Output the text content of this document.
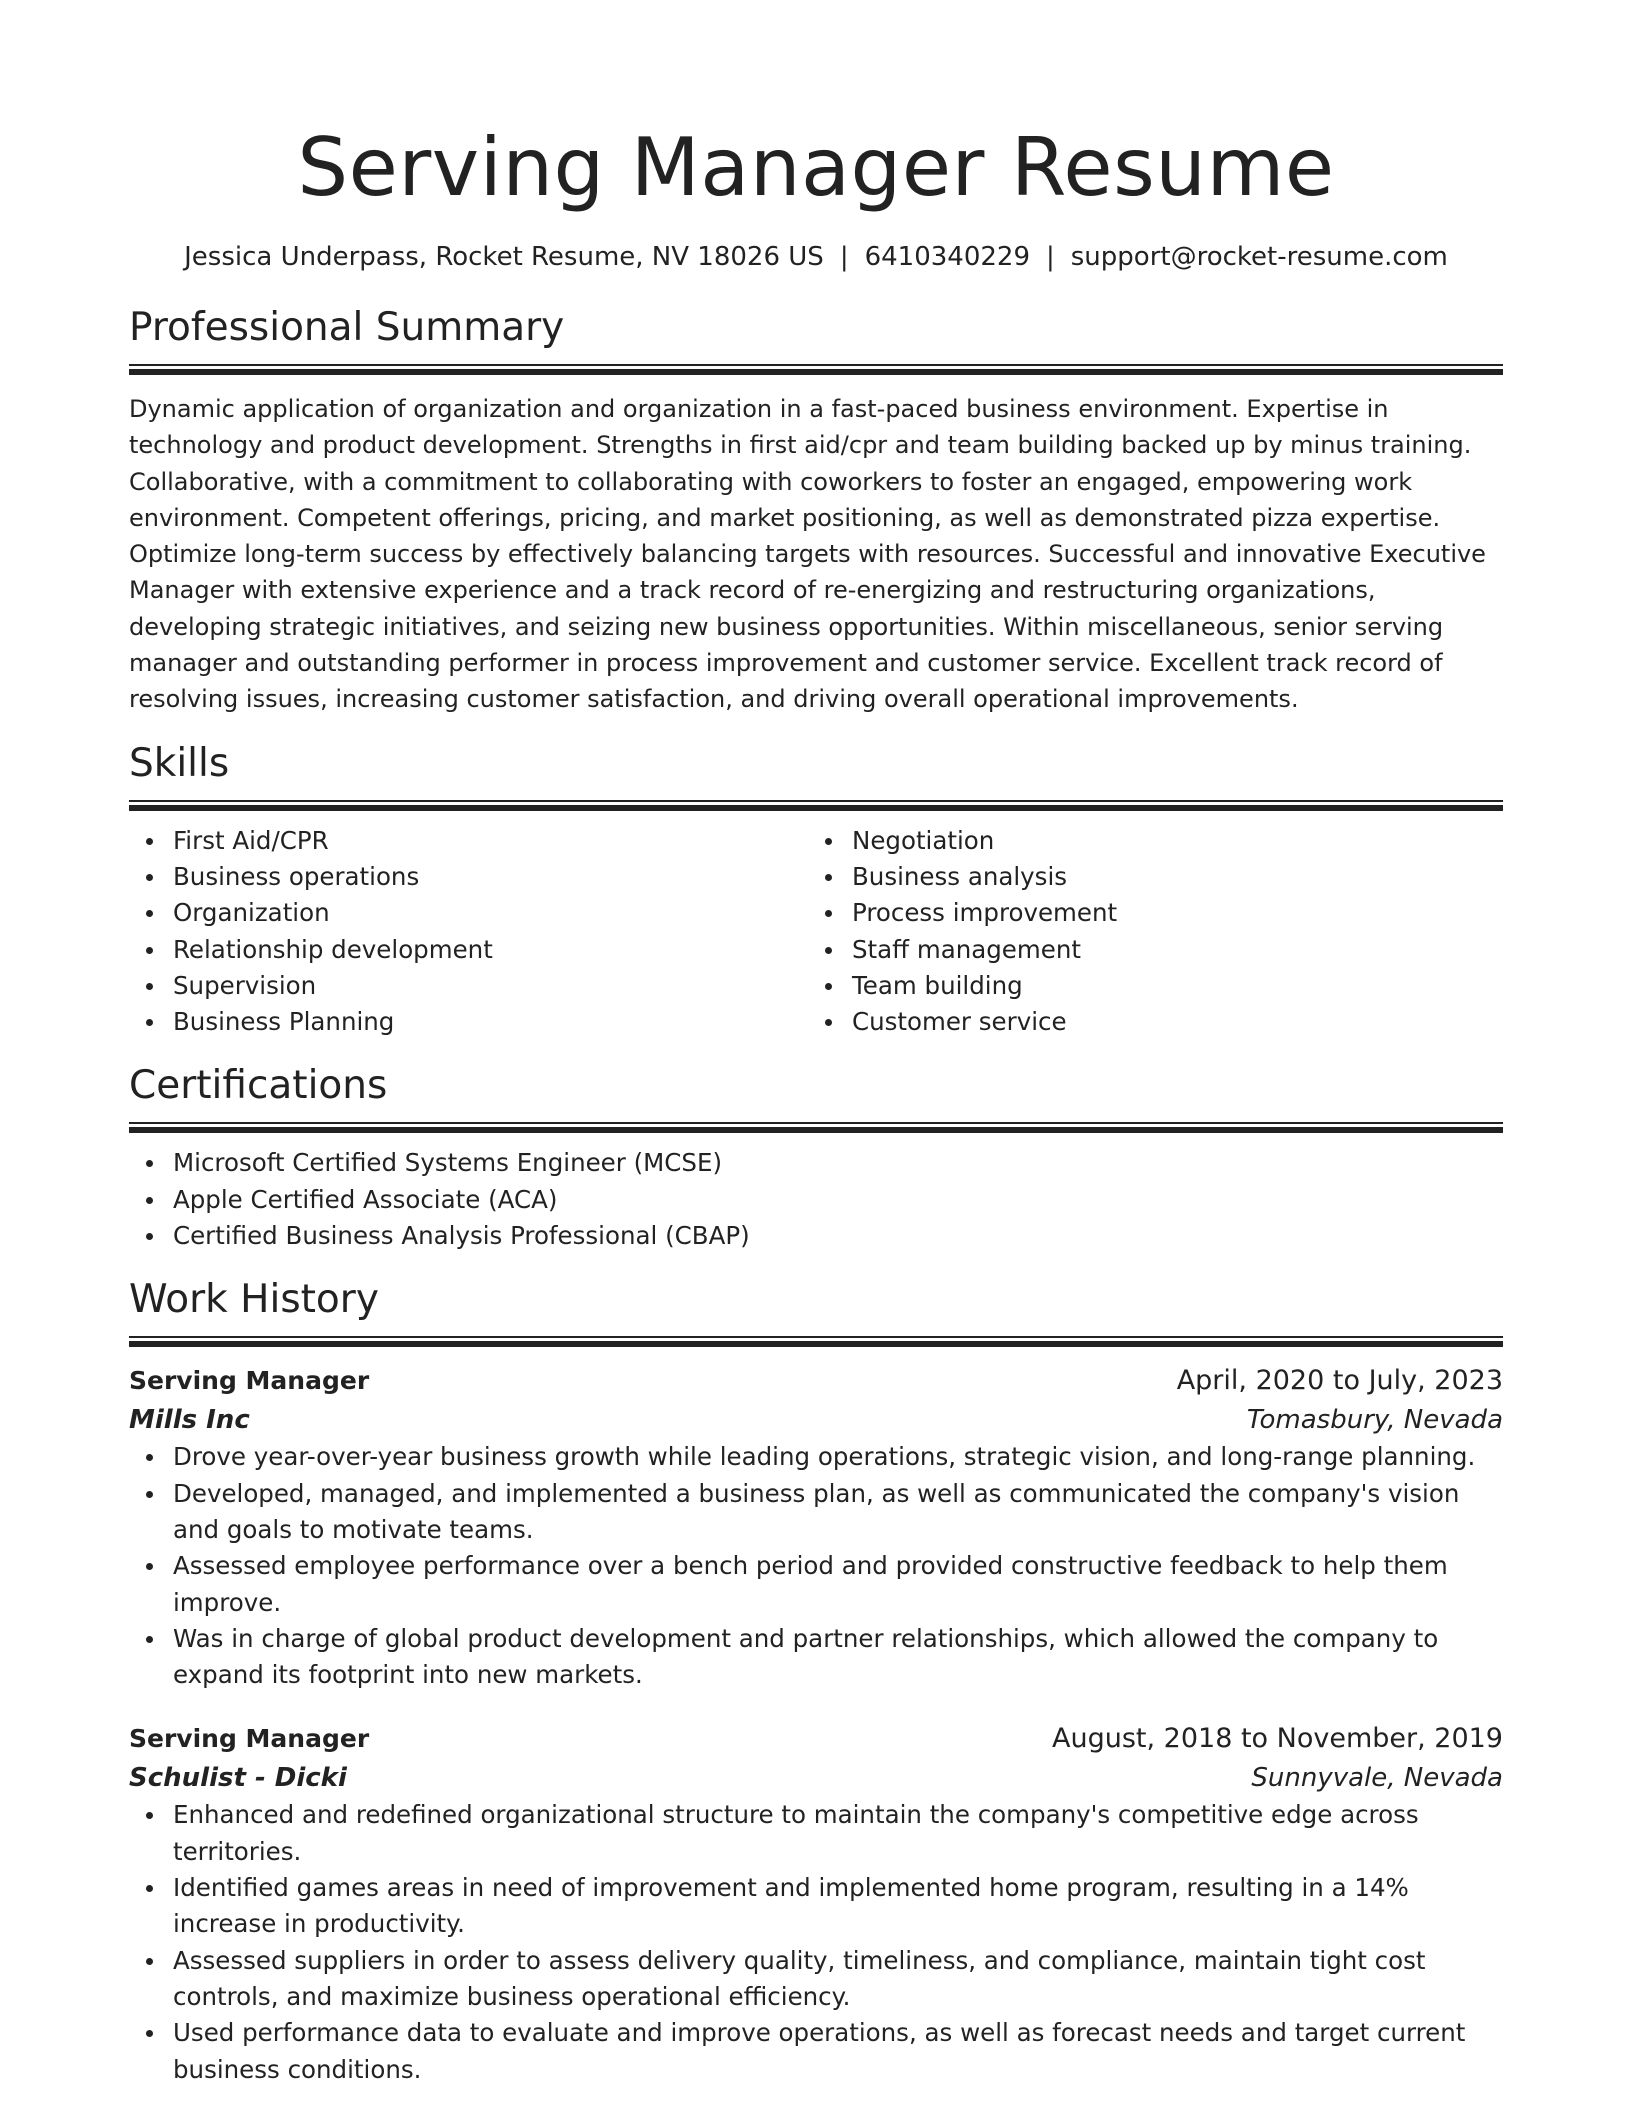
Serving Manager Resume
Jessica Underpass, Rocket Resume, NV 18026 US | 6410340229 | support@rocket-resume.com
Professional Summary

Dynamic application of organization and organization in a fast-paced business environment. Expertise in technology and product development. Strengths in first aid/cpr and team building backed up by minus training. Collaborative, with a commitment to collaborating with coworkers to foster an engaged, empowering work environment. Competent offerings, pricing, and market positioning, as well as demonstrated pizza expertise. Optimize long-term success by effectively balancing targets with resources. Successful and innovative Executive Manager with extensive experience and a track record of re-energizing and restructuring organizations, developing strategic initiatives, and seizing new business opportunities. Within miscellaneous, senior serving manager and outstanding performer in process improvement and customer service. Excellent track record of resolving issues, increasing customer satisfaction, and driving overall operational improvements.

Skills
First Aid/CPR
Business operations
Organization
Relationship development
Supervision
Business Planning
Negotiation
Business analysis
Process improvement
Staff management
Team building
Customer service
Certifications
Microsoft Certified Systems Engineer (MCSE)
Apple Certified Associate (ACA)
Certified Business Analysis Professional (CBAP)
Work History
Serving Manager	April, 2020 to July, 2023
Mills Inc	Tomasbury, Nevada
Drove year-over-year business growth while leading operations, strategic vision, and long-range planning.
Developed, managed, and implemented a business plan, as well as communicated the company's vision and goals to motivate teams.
Assessed employee performance over a bench period and provided constructive feedback to help them improve.
Was in charge of global product development and partner relationships, which allowed the company to expand its footprint into new markets.
Serving Manager	August, 2018 to November, 2019
Schulist - Dicki	Sunnyvale, Nevada
Enhanced and redefined organizational structure to maintain the company's competitive edge across territories.
Identified games areas in need of improvement and implemented home program, resulting in a 14% increase in productivity.
Assessed suppliers in order to assess delivery quality, timeliness, and compliance, maintain tight cost controls, and maximize business operational efficiency.
Used performance data to evaluate and improve operations, as well as forecast needs and target current business conditions.
